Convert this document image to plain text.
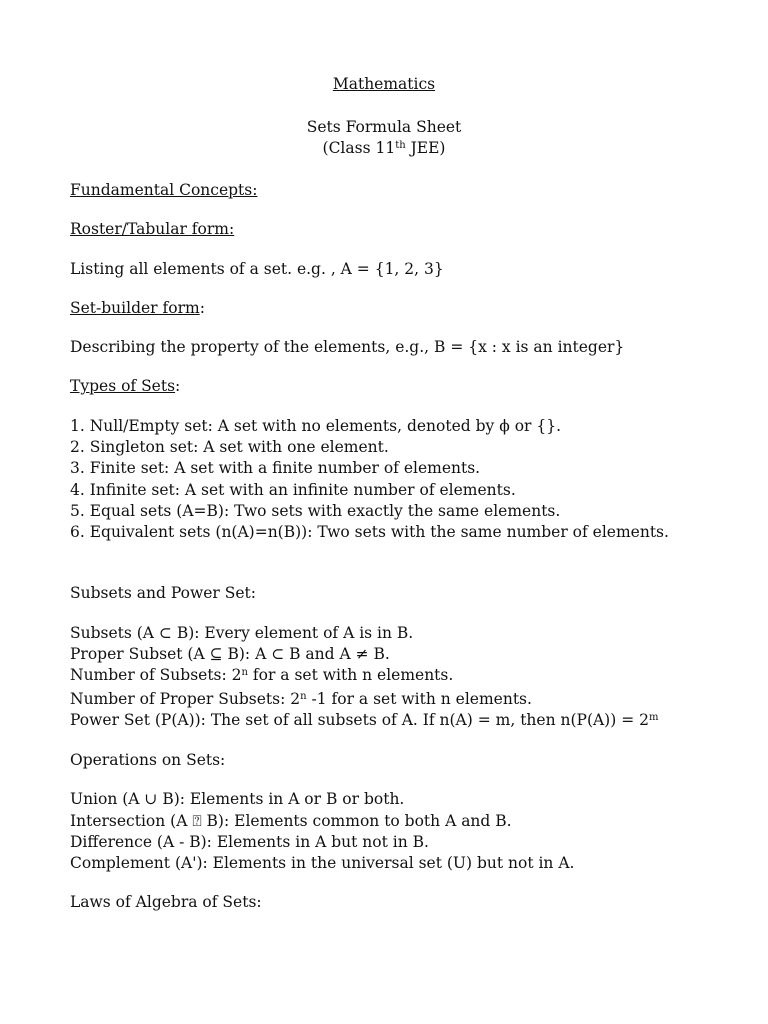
Mathematics
Sets Formula Sheet
(Class 11th JEE)
Fundamental Concepts:
Roster/Tabular form:
Listing all elements of a set. e.g. , A = {1, 2, 3}
Set-builder form:
Describing the property of the elements, e.g., B = {x : x is an integer}
Types of Sets:
1. Null/Empty set: A set with no elements, denoted by ϕ or {}.
2. Singleton set: A set with one element.
3. Finite set: A set with a finite number of elements.
4. Infinite set: A set with an infinite number of elements.
5. Equal sets (A=B): Two sets with exactly the same elements.
6. Equivalent sets (n(A)=n(B)): Two sets with the same number of elements.
Subsets and Power Set:
Subsets (A ⊂ B): Every element of A is in B.
Proper Subset (A ⊆ B): A ⊂ B and A ≠ B.
Number of Subsets: 2$^n$ for a set with n elements.
Number of Proper Subsets: 2$^n$ -1 for a set with n elements.
Power Set (P(A)): The set of all subsets of A. If n(A) = m, then $n(P(A)) = 2^m$
Operations on Sets:
Union (A ∪ B): Elements in A or B or both.
Intersection (A ⍰ B): Elements common to both A and B.
Difference (A - B): Elements in A but not in B.
Complement (A'): Elements in the universal set (U) but not in A.
Laws of Algebra of Sets:
